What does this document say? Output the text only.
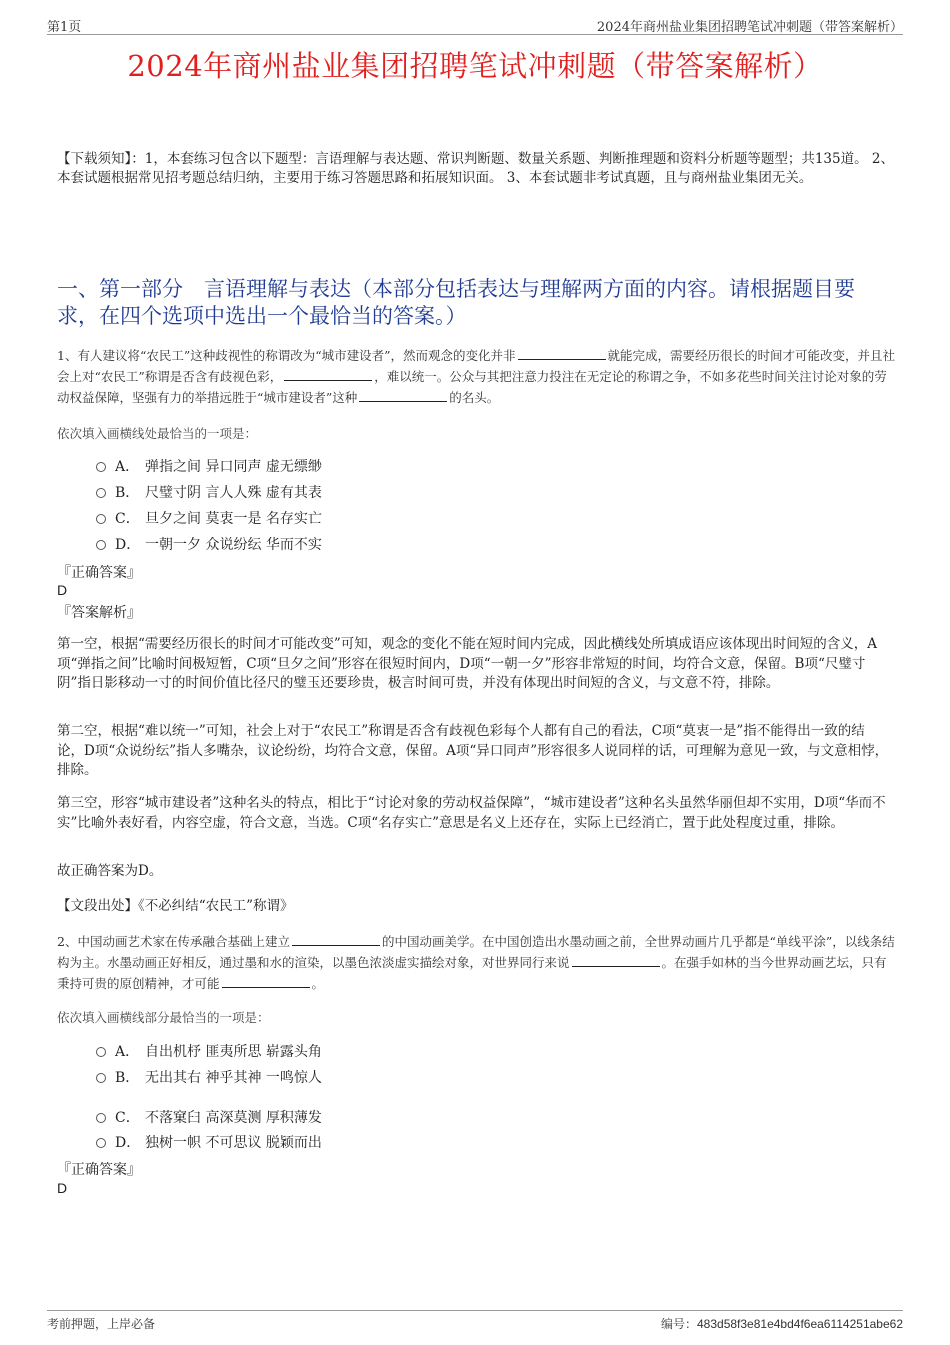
第1页	2024年商州盐业集团招聘笔试冲刺题（带答案解析）
2024年商州盐业集团招聘笔试冲刺题（带答案解析）
【下载须知】：1，本套练习包含以下题型：言语理解与表达题、常识判断题、数量关系题、判断推理题和资料分析题等题型；共135道。 2、本套试题根据常见招考题总结归纳，主要用于练习答题思路和拓展知识面。 3、本套试题非考试真题，且与商州盐业集团无关。
一、第一部分　言语理解与表达（本部分包括表达与理解两方面的内容。请根据题目要求，在四个选项中选出一个最恰当的答案。）
1、有人建议将“农民工”这种歧视性的称谓改为“城市建设者”，然而观念的变化并非	就能完成，需要经历很长的时间才可能改变，并且社会上对“农民工”称谓是否含有歧视色彩，	，难以统一。公众与其把注意力投注在无定论的称谓之争，不如多花些时间关注讨论对象的劳动权益保障，坚强有力的举措远胜于“城市建设者”这种	的名头。
依次填入画横线处最恰当的一项是：
A． 弹指之间 异口同声 虚无缥缈
B． 尺璧寸阴 言人人殊 虚有其表
C． 旦夕之间 莫衷一是 名存实亡
D． 一朝一夕 众说纷纭 华而不实
『正确答案』
D
『答案解析』
第一空，根据“需要经历很长的时间才可能改变”可知，观念的变化不能在短时间内完成，因此横线处所填成语应该体现出时间短的含义，A项“弹指之间”比喻时间极短暂，C项“旦夕之间”形容在很短时间内，D项“一朝一夕”形容非常短的时间，均符合文意，保留。B项“尺璧寸阴”指日影移动一寸的时间价值比径尺的璧玉还要珍贵，极言时间可贵，并没有体现出时间短的含义，与文意不符，排除。
第二空，根据“难以统一”可知，社会上对于“农民工”称谓是否含有歧视色彩每个人都有自己的看法，C项“莫衷一是”指不能得出一致的结论，D项“众说纷纭”指人多嘴杂，议论纷纷，均符合文意，保留。A项“异口同声”形容很多人说同样的话，可理解为意见一致，与文意相悖，排除。
第三空，形容“城市建设者”这种名头的特点，相比于“讨论对象的劳动权益保障”，“城市建设者”这种名头虽然华丽但却不实用，D项“华而不实”比喻外表好看，内容空虚，符合文意，当选。C项“名存实亡”意思是名义上还存在，实际上已经消亡，置于此处程度过重，排除。
故正确答案为D。
【文段出处】《不必纠结“农民工”称谓》
2、中国动画艺术家在传承融合基础上建立	的中国动画美学。在中国创造出水墨动画之前，全世界动画片几乎都是“单线平涂”，以线条结构为主。水墨动画正好相反，通过墨和水的渲染，以墨色浓淡虚实描绘对象，对世界同行来说	。在强手如林的当今世界动画艺坛，只有秉持可贵的原创精神，才可能	。
依次填入画横线部分最恰当的一项是：
A． 自出机杼 匪夷所思 崭露头角
B． 无出其右 神乎其神 一鸣惊人
C． 不落窠臼 高深莫测 厚积薄发
D． 独树一帜 不可思议 脱颖而出
『正确答案』
D
考前押题，上岸必备	编号：483d58f3e81e4bd4f6ea6114251abe62
